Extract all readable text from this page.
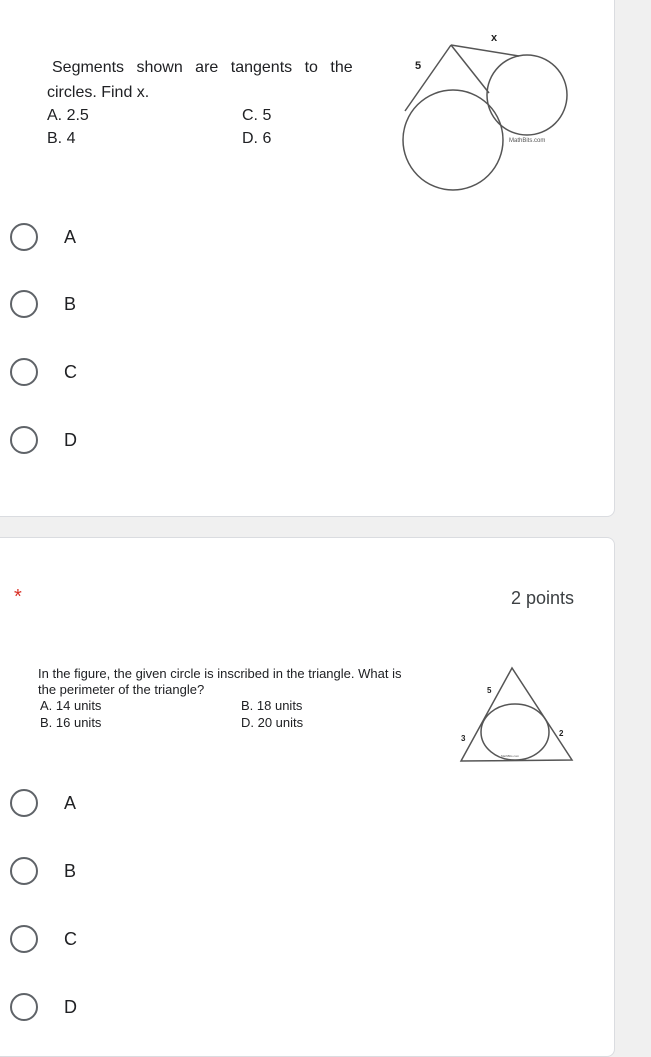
Segments shown are tangents to the
circles. Find x.
A. 2.5	C. 5
B. 4	D. 6
x
5
MathBits.com
A
B
C
D
*	2 points
In the figure, the given circle is inscribed in the triangle. What is
the perimeter of the triangle?
A. 14 units	B. 18 units
B. 16 units	D. 20 units
5
3
2
MathBits.com
A
B
C
D
